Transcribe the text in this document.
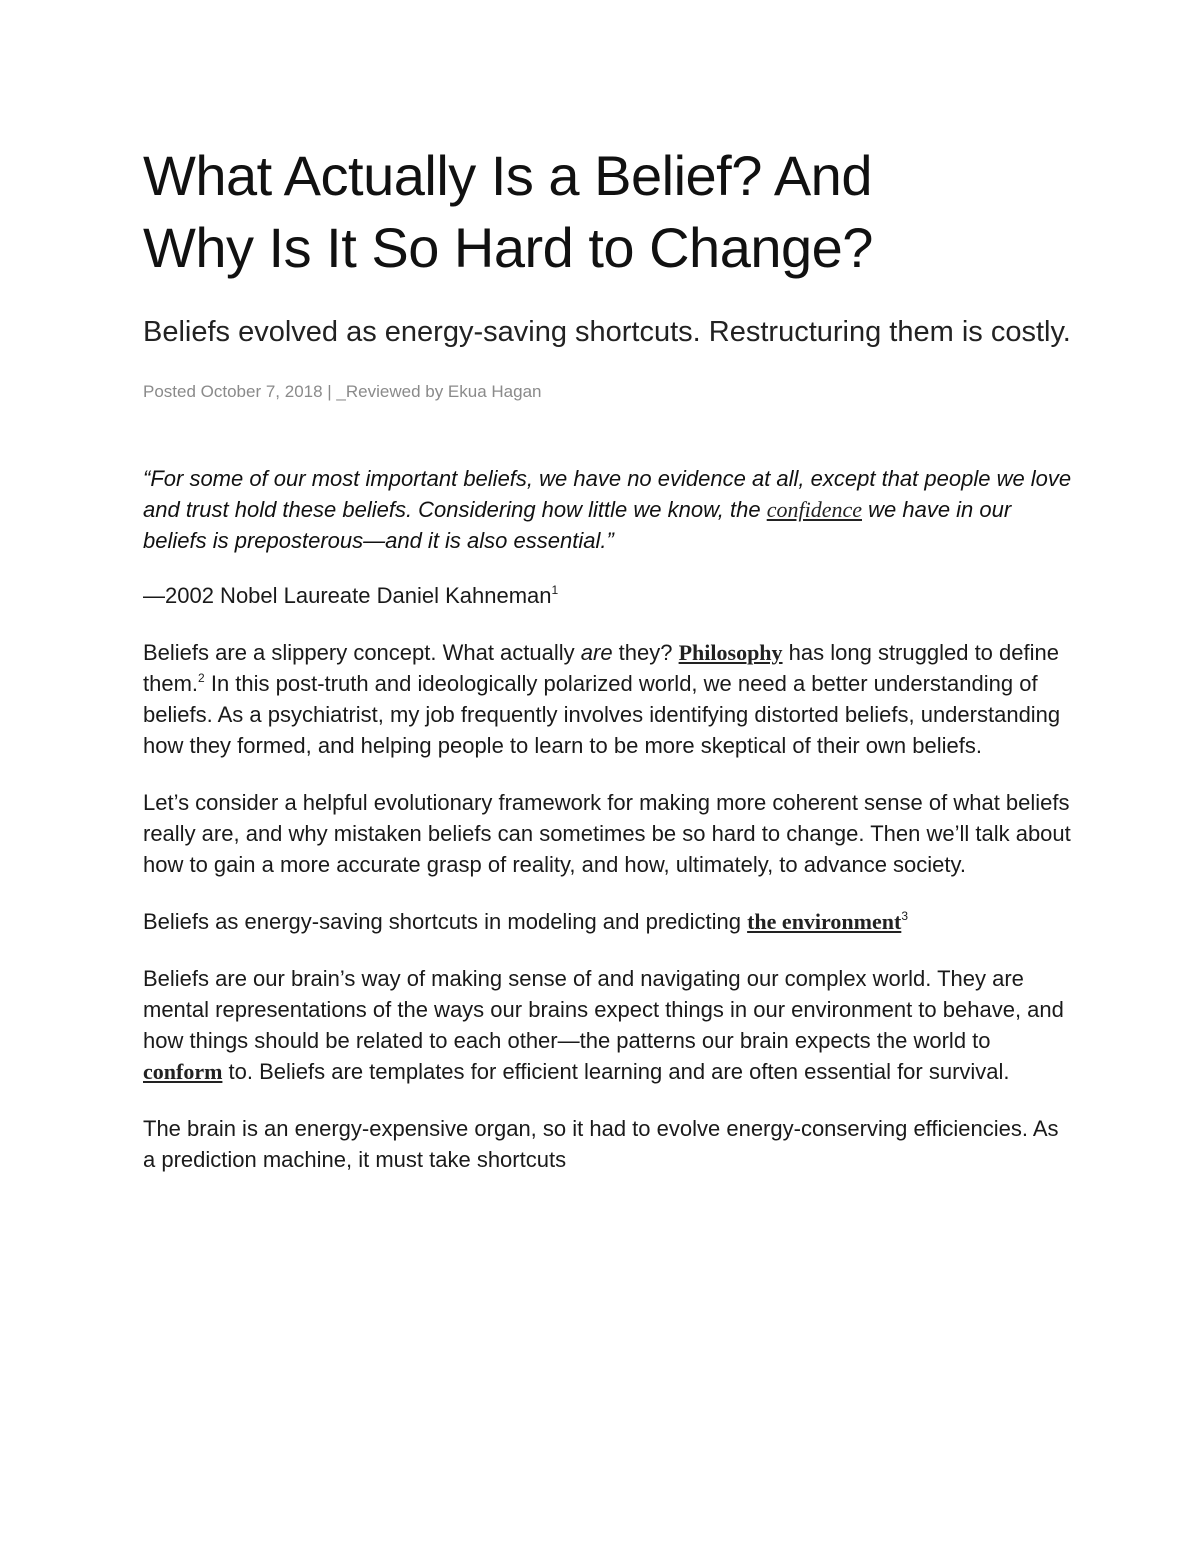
What Actually Is a Belief? And
Why Is It So Hard to Change?
Beliefs evolved as energy-saving shortcuts. Restructuring them is costly.
Posted October 7, 2018 | _Reviewed by Ekua Hagan
“For some of our most important beliefs, we have no evidence at all, except that people we love and trust hold these beliefs. Considering how little we know, the confidence we have in our beliefs is preposterous—and it is also essential.”
—2002 Nobel Laureate Daniel Kahneman$^1$

Beliefs are a slippery concept. What actually are they? Philosophy has long struggled to define them.$^2$ In this post-truth and ideologically polarized world, we need a better understanding of beliefs. As a psychiatrist, my job frequently involves identifying distorted beliefs, understanding how they formed, and helping people to learn to be more skeptical of their own beliefs.

Let’s consider a helpful evolutionary framework for making more coherent sense of what beliefs really are, and why mistaken beliefs can sometimes be so hard to change. Then we’ll talk about how to gain a more accurate grasp of reality, and how, ultimately, to advance society.

Beliefs as energy-saving shortcuts in modeling and predicting the environment$^3$

Beliefs are our brain’s way of making sense of and navigating our complex world. They are mental representations of the ways our brains expect things in our environment to behave, and how things should be related to each other—the patterns our brain expects the world to conform to. Beliefs are templates for efficient learning and are often essential for survival.

The brain is an energy-expensive organ, so it had to evolve energy-conserving efficiencies. As a prediction machine, it must take shortcuts
